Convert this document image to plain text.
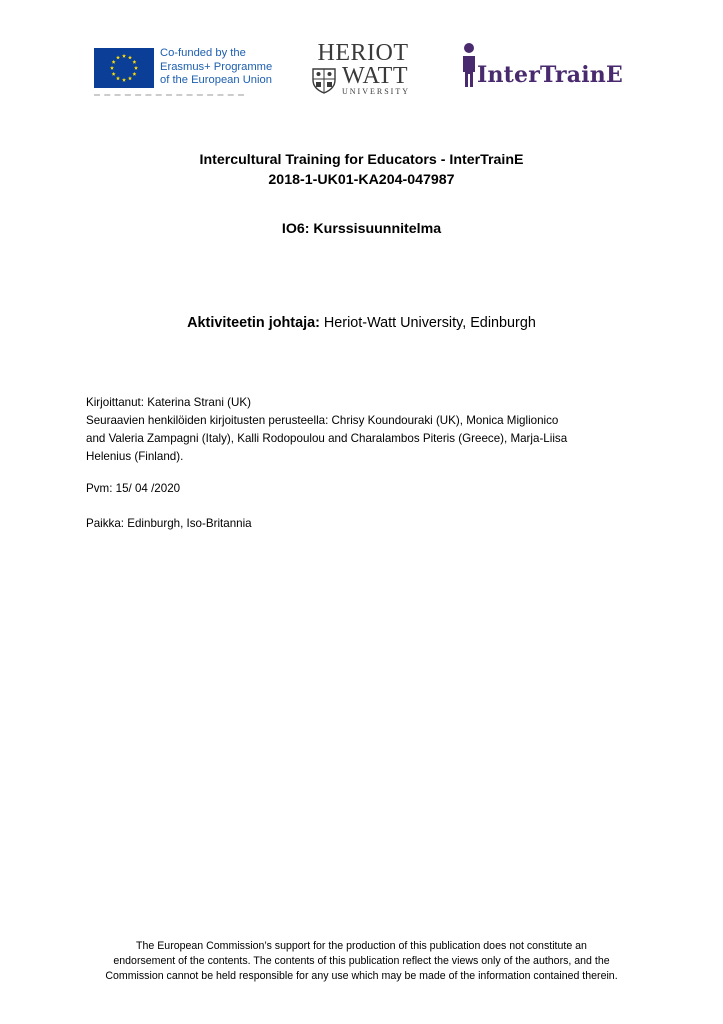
Co-funded by the
Erasmus+ Programme
of the European Union
HERIOT
WATT
UNIVERSITY
InterTrainE
Intercultural Training for Educators - InterTrainE
2018-1-UK01-KA204-047987
IO6: Kurssisuunnitelma
Aktiviteetin johtaja: Heriot-Watt University, Edinburgh
Kirjoittanut: Katerina Strani (UK)
Seuraavien henkilöiden kirjoitusten perusteella: Chrisy Koundouraki (UK), Monica Miglionico
and Valeria Zampagni (Italy), Kalli Rodopoulou and Charalambos Piteris (Greece), Marja-Liisa
Helenius (Finland).
Pvm: 15/ 04 /2020
Paikka: Edinburgh, Iso-Britannia
The European Commission’s support for the production of this publication does not constitute an
endorsement of the contents. The contents of this publication reflect the views only of the authors, and the
Commission cannot be held responsible for any use which may be made of the information contained therein.
